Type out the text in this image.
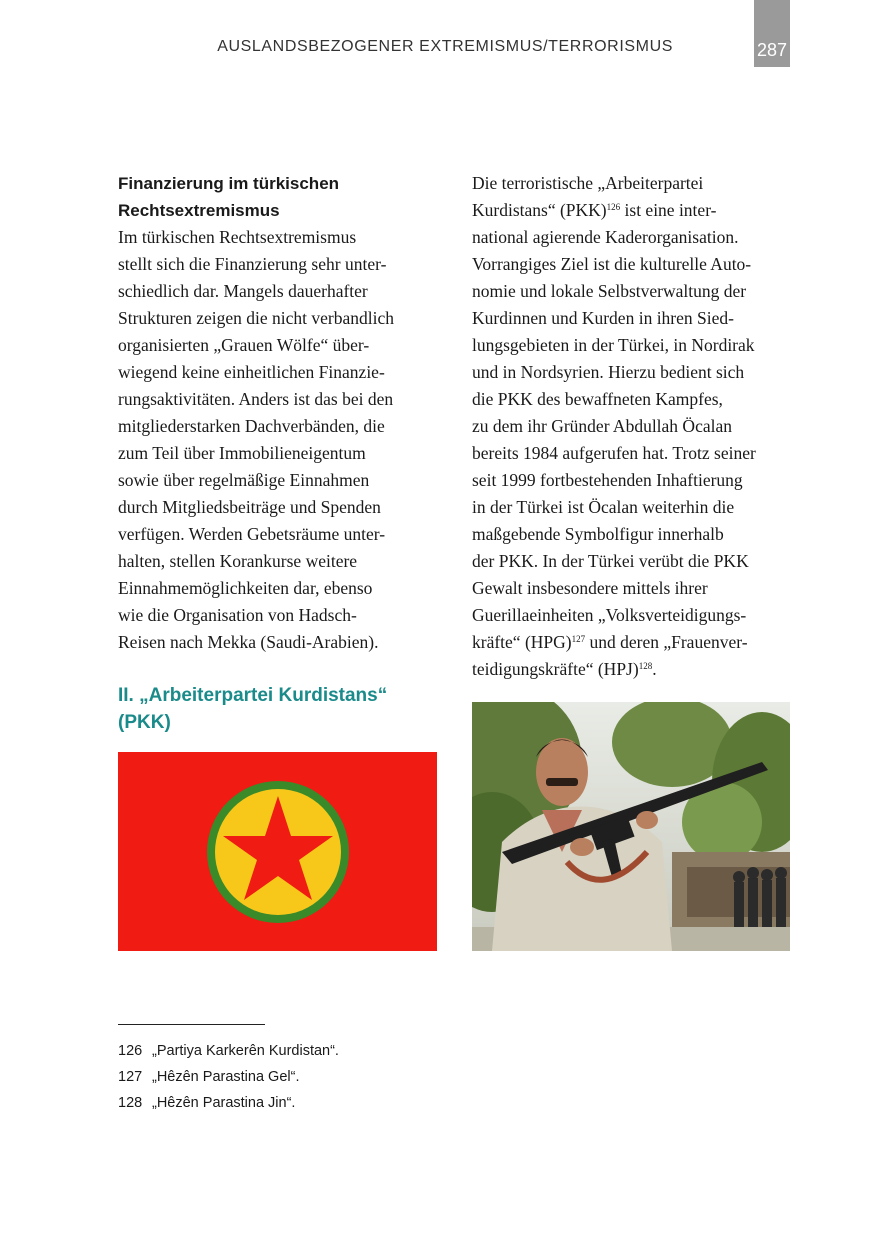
AUSLANDSBEZOGENER EXTREMISMUS/TERRORISMUS	287
Finanzierung im türkischen
Rechtsextremismus
Im türkischen Rechtsextremismus
stellt sich die Finanzierung sehr unter-
schiedlich dar. Mangels dauerhafter
Strukturen zeigen die nicht verbandlich
organisierten „Grauen Wölfe“ über-
wiegend keine einheitlichen Finanzie-
rungsaktivitäten. Anders ist das bei den
mitgliederstarken Dachverbänden, die
zum Teil über Immobilieneigentum
sowie über regelmäßige Einnahmen
durch Mitgliedsbeiträge und Spenden
verfügen. Werden Gebetsräume unter-
halten, stellen Korankurse weitere
Einnahmemöglichkeiten dar, ebenso
wie die Organisation von Hadsch-
Reisen nach Mekka (Saudi-Arabien).
II. „Arbeiterpartei Kurdistans“
(PKK)
Die terroristische „Arbeiterpartei
Kurdistans“ (PKK)$^{126}$ ist eine inter-
national agierende Kaderorganisation.
Vorrangiges Ziel ist die kulturelle Auto-
nomie und lokale Selbstverwaltung der
Kurdinnen und Kurden in ihren Sied-
lungsgebieten in der Türkei, in Nordirak
und in Nordsyrien. Hierzu bedient sich
die PKK des bewaffneten Kampfes,
zu dem ihr Gründer Abdullah Öcalan
bereits 1984 aufgerufen hat. Trotz seiner
seit 1999 fortbestehenden Inhaftierung
in der Türkei ist Öcalan weiterhin die
maßgebende Symbolfigur innerhalb
der PKK. In der Türkei verübt die PKK
Gewalt insbesondere mittels ihrer
Guerillaeinheiten „Volksverteidigungs-
kräfte“ (HPG)$^{127}$ und deren „Frauenver-
teidigungskräfte“ (HPJ)$^{128}$.
126 „Partiya Karkerên Kurdistan“.
127 „Hêzên Parastina Gel“.
128 „Hêzên Parastina Jin“.
